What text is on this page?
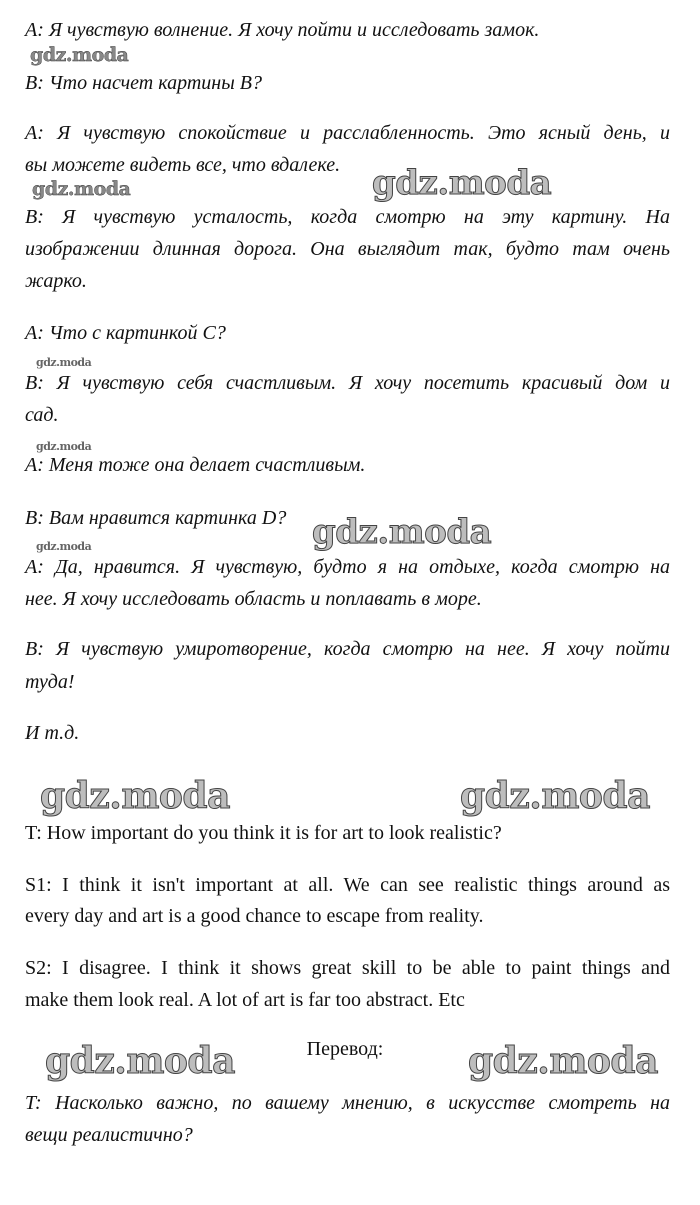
A: Я чувствую волнение. Я хочу пойти и исследовать замок.
B: Что насчет картины B?
A: Я чувствую спокойствие и расслабленность. Это ясный день, и
вы можете видеть все, что вдалеке.
B: Я чувствую усталость, когда смотрю на эту картину. На
изображении длинная дорога. Она выглядит так, будто там очень
жарко.
A: Что с картинкой C?
B: Я чувствую себя счастливым. Я хочу посетить красивый дом и
сад.
A: Меня тоже она делает счастливым.
B: Вам нравится картинка D?
A: Да, нравится. Я чувствую, будто я на отдыхе, когда смотрю на
нее. Я хочу исследовать область и поплавать в море.
B: Я чувствую умиротворение, когда смотрю на нее. Я хочу пойти
туда!
И т.д.
T: How important do you think it is for art to look realistic?
S1: I think it isn't important at all. We can see realistic things around as
every day and art is a good chance to escape from reality.
S2: I disagree. I think it shows great skill to be able to paint things and
make them look real. A lot of art is far too abstract. Etc
Перевод:
T: Насколько важно, по вашему мнению, в искусстве смотреть на
вещи реалистично?
gdz.moda
gdz.moda	gdz.moda
gdz.moda
gdz.moda
gdz.moda	gdz.moda
gdz.moda	gdz.moda
gdz.moda	gdz.moda
